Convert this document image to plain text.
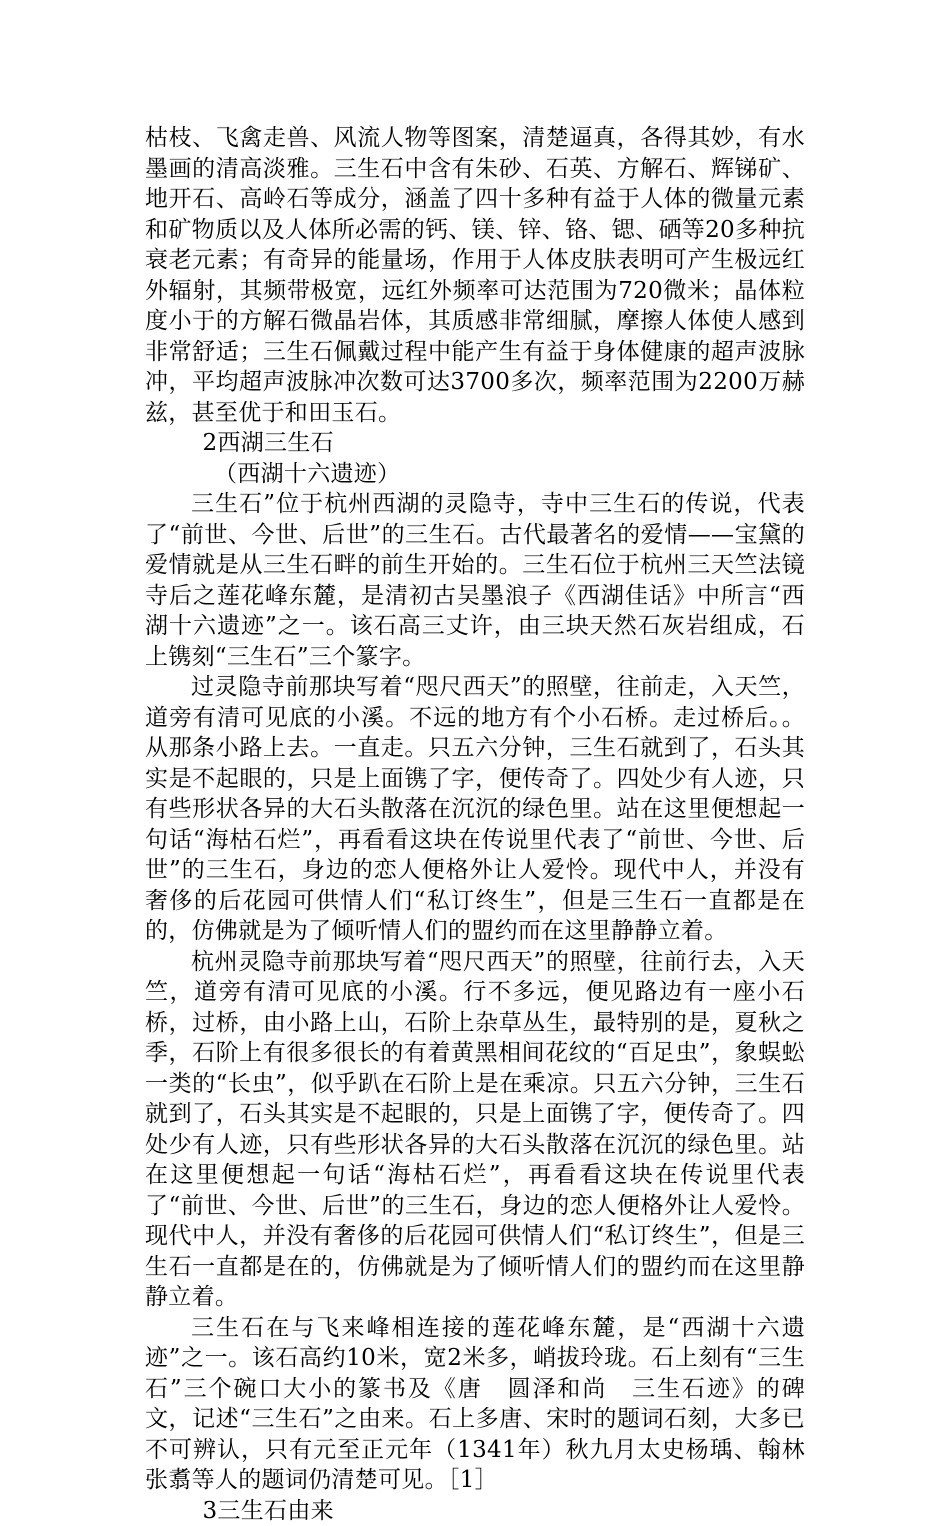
枯枝、飞禽走兽、风流人物等图案，清楚逼真，各得其妙，有水墨画的清高淡雅。三生石中含有朱砂、石英、方解石、辉锑矿、地开石、高岭石等成分，涵盖了四十多种有益于人体的微量元素和矿物质以及人体所必需的钙、镁、锌、铬、锶、硒等20多种抗衰老元素；有奇异的能量场，作用于人体皮肤表明可产生极远红外辐射，其频带极宽，远红外频率可达范围为720微米；晶体粒度小于的方解石微晶岩体，其质感非常细腻，摩擦人体使人感到非常舒适；三生石佩戴过程中能产生有益于身体健康的超声波脉冲，平均超声波脉冲次数可达3700多次，频率范围为2200万赫兹，甚至优于和田玉石。

2西湖三生石

（西湖十六遗迹）

三生石”位于杭州西湖的灵隐寺，寺中三生石的传说，代表了“前世、今世、后世”的三生石。古代最著名的爱情——宝黛的爱情就是从三生石畔的前生开始的。三生石位于杭州三天竺法镜寺后之莲花峰东麓，是清初古吴墨浪子《西湖佳话》中所言“西湖十六遗迹”之一。该石高三丈许，由三块天然石灰岩组成，石上镌刻“三生石”三个篆字。

过灵隐寺前那块写着“咫尺西天”的照壁，往前走，入天竺，道旁有清可见底的小溪。不远的地方有个小石桥。走过桥后。。从那条小路上去。一直走。只五六分钟，三生石就到了，石头其实是不起眼的，只是上面镌了字，便传奇了。四处少有人迹，只有些形状各异的大石头散落在沉沉的绿色里。站在这里便想起一句话“海枯石烂”，再看看这块在传说里代表了“前世、今世、后世”的三生石，身边的恋人便格外让人爱怜。现代中人，并没有奢侈的后花园可供情人们“私订终生”，但是三生石一直都是在的，仿佛就是为了倾听情人们的盟约而在这里静静立着。

杭州灵隐寺前那块写着“咫尺西天”的照壁，往前行去，入天竺，道旁有清可见底的小溪。行不多远，便见路边有一座小石桥，过桥，由小路上山，石阶上杂草丛生，最特别的是，夏秋之季，石阶上有很多很长的有着黄黑相间花纹的“百足虫”，象蜈蚣一类的“长虫”，似乎趴在石阶上是在乘凉。只五六分钟，三生石就到了，石头其实是不起眼的，只是上面镌了字，便传奇了。四处少有人迹，只有些形状各异的大石头散落在沉沉的绿色里。站在这里便想起一句话“海枯石烂”，再看看这块在传说里代表了“前世、今世、后世”的三生石，身边的恋人便格外让人爱怜。现代中人，并没有奢侈的后花园可供情人们“私订终生”，但是三生石一直都是在的，仿佛就是为了倾听情人们的盟约而在这里静静立着。

三生石在与飞来峰相连接的莲花峰东麓，是“西湖十六遗迹”之一。该石高约10米，宽2米多，峭拔玲珑。石上刻有“三生石”三个碗口大小的篆书及《唐　圆泽和尚　三生石迹》的碑文，记述“三生石”之由来。石上多唐、宋时的题词石刻，大多已不可辨认，只有元至正元年（1341年）秋九月太史杨瑀、翰林张翥等人的题词仍清楚可见。［1］

3三生石由来
